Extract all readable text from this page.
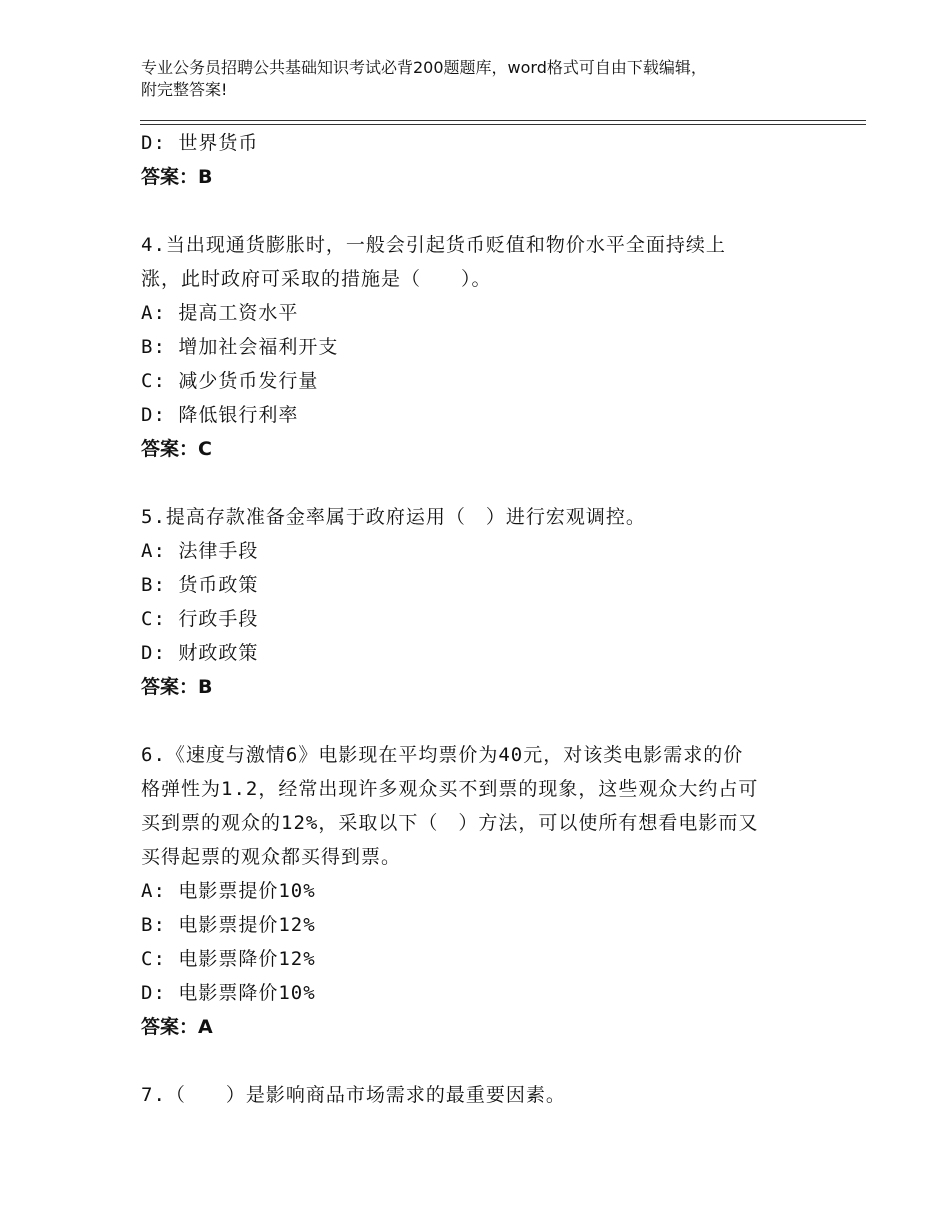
专业公务员招聘公共基础知识考试必背200题题库，word格式可自由下载编辑，
附完整答案!
D: 世界货币
答案：B
4.当出现通货膨胀时，一般会引起货币贬值和物价水平全面持续上
涨，此时政府可采取的措施是（　　）。
A: 提高工资水平
B: 增加社会福利开支
C: 减少货币发行量
D: 降低银行利率
答案：C
5.提高存款准备金率属于政府运用（　）进行宏观调控。
A: 法律手段
B: 货币政策
C: 行政手段
D: 财政政策
答案：B
6.《速度与激情6》电影现在平均票价为40元，对该类电影需求的价
格弹性为1.2，经常出现许多观众买不到票的现象，这些观众大约占可
买到票的观众的12%，采取以下（　）方法，可以使所有想看电影而又
买得起票的观众都买得到票。
A: 电影票提价10%
B: 电影票提价12%
C: 电影票降价12%
D: 电影票降价10%
答案：A
7.（　　）是影响商品市场需求的最重要因素。
